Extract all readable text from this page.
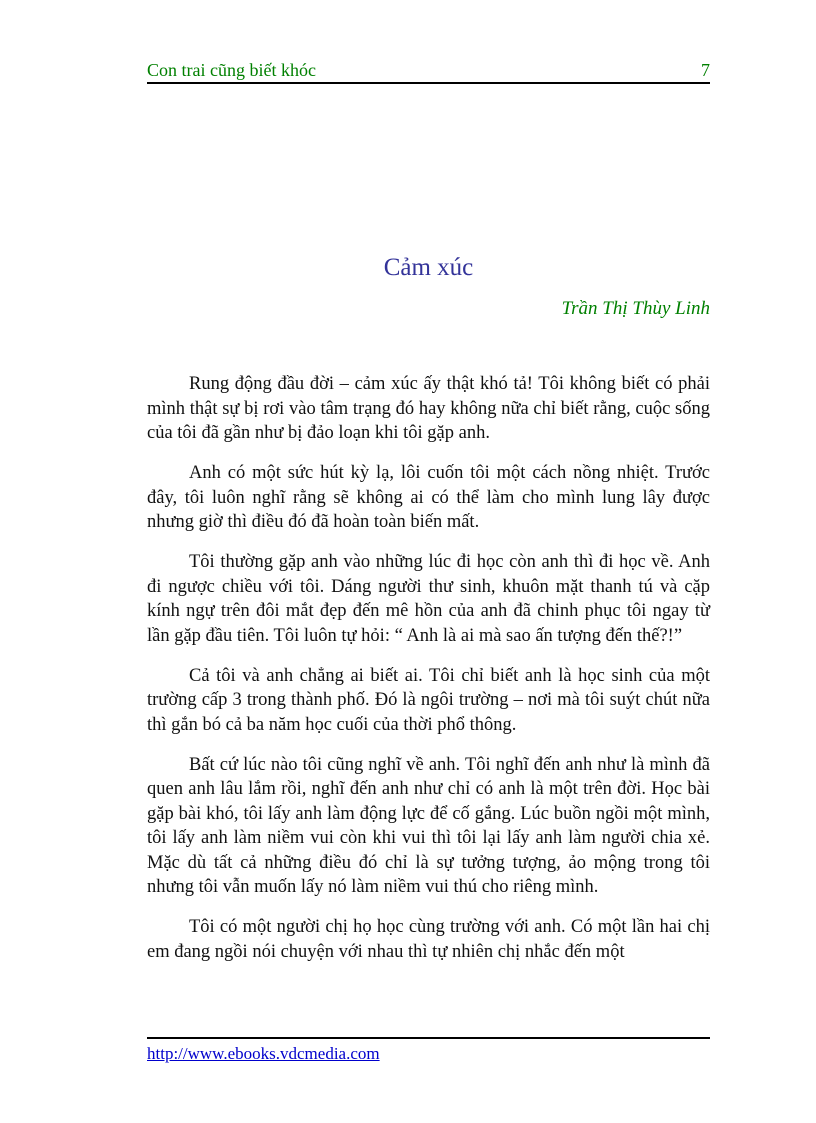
Con trai cũng biết khóc	7
Cảm xúc
Trần Thị Thùy Linh

Rung động đầu đời – cảm xúc ấy thật khó tả! Tôi không biết có phải mình thật sự bị rơi vào tâm trạng đó hay không nữa chỉ biết rằng, cuộc sống của tôi đã gần như bị đảo loạn khi tôi gặp anh.

Anh có một sức hút kỳ lạ, lôi cuốn tôi một cách nồng nhiệt. Trước đây, tôi luôn nghĩ rằng sẽ không ai có thể làm cho mình lung lây được nhưng giờ thì điều đó đã hoàn toàn biến mất.

Tôi thường gặp anh vào những lúc đi học còn anh thì đi học về. Anh đi ngược chiều với tôi. Dáng người thư sinh, khuôn mặt thanh tú và cặp kính ngự trên đôi mắt đẹp đến mê hồn của anh đã chinh phục tôi ngay từ lần gặp đầu tiên. Tôi luôn tự hỏi: “ Anh là ai mà sao ấn tượng đến thế?!”

Cả tôi và anh chẳng ai biết ai. Tôi chỉ biết anh là học sinh của một trường cấp 3 trong thành phố. Đó là ngôi trường – nơi mà tôi suýt chút nữa thì gắn bó cả ba năm học cuối của thời phổ thông.

Bất cứ lúc nào tôi cũng nghĩ về anh. Tôi nghĩ đến anh như là mình đã quen anh lâu lắm rồi, nghĩ đến anh như chỉ có anh là một trên đời. Học bài gặp bài khó, tôi lấy anh làm động lực để cố gắng. Lúc buồn ngồi một mình, tôi lấy anh làm niềm vui còn khi vui thì tôi lại lấy anh làm người chia xẻ. Mặc dù tất cả những điều đó chỉ là sự tưởng tượng, ảo mộng trong tôi nhưng tôi vẫn muốn lấy nó làm niềm vui thú cho riêng mình.

Tôi có một người chị họ học cùng trường với anh. Có một lần hai chị em đang ngồi nói chuyện với nhau thì tự nhiên chị nhắc đến một

http://www.ebooks.vdcmedia.com
